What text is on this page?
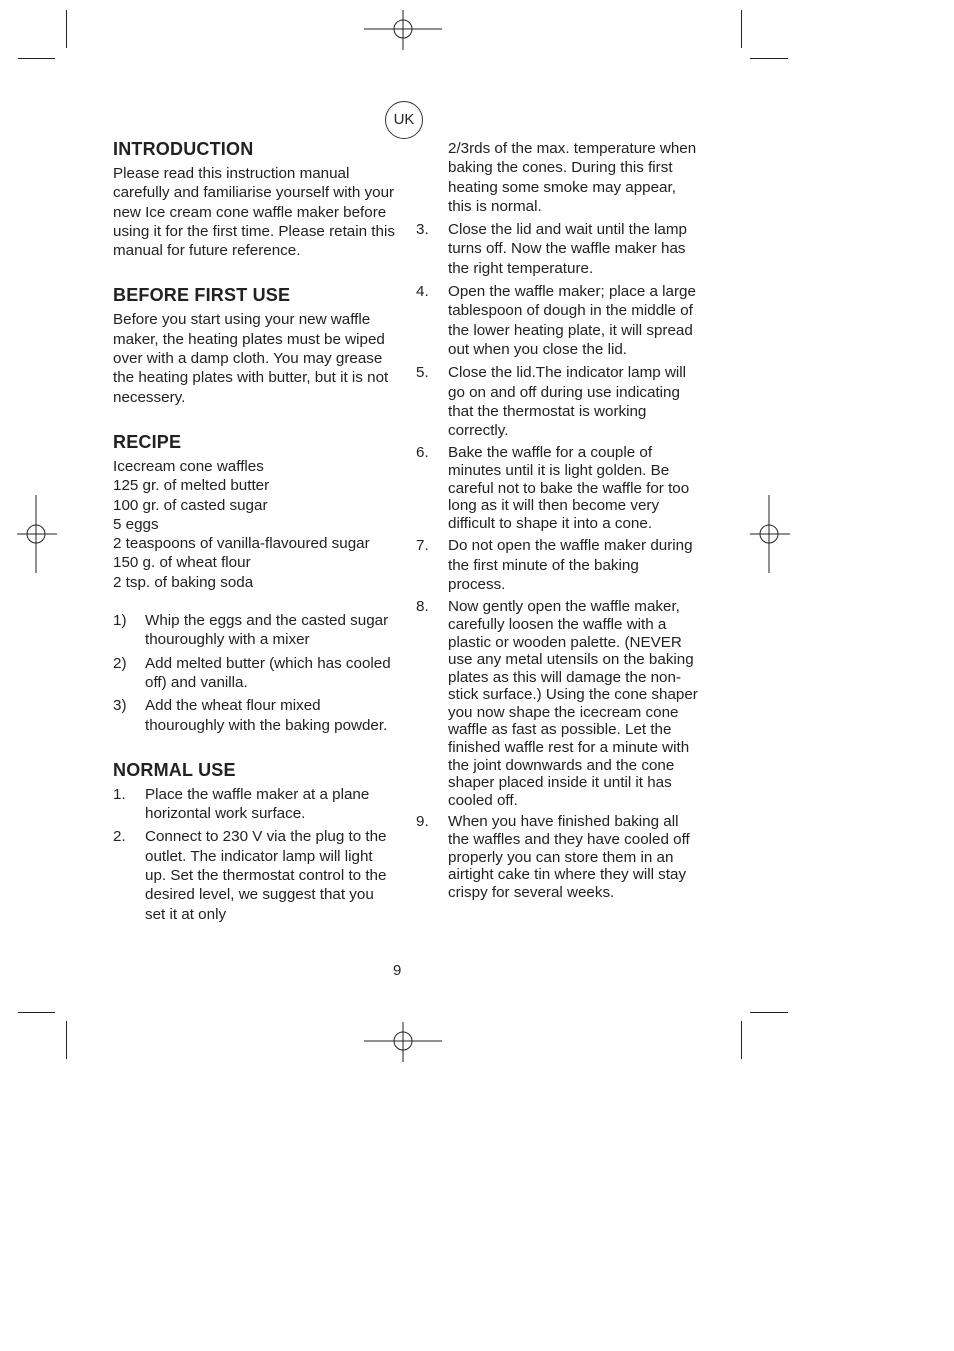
UK
INTRODUCTION

Please read this instruction manual carefully and familiarise yourself with your new Ice cream cone waffle maker before using it for the first time. Please retain this manual for future reference.

BEFORE FIRST USE

Before you start using your new waffle maker, the heating plates must be wiped over with a damp cloth. You may grease the heating plates with butter, but it is not necessery.

RECIPE
Icecream cone waffles
125 gr. of melted butter
100 gr. of casted sugar
5 eggs
2 teaspoons of vanilla-flavoured sugar
150 g. of wheat flour
2 tsp. of baking soda
1) Whip the eggs and the casted sugar thouroughly with a mixer
2) Add melted butter (which has cooled off) and vanilla.
3) Add the wheat flour mixed thouroughly with the baking powder.
NORMAL USE
1. Place the waffle maker at a plane horizontal work surface.
2. Connect to 230 V via the plug to the outlet. The indicator lamp will light up. Set the thermostat control to the desired level, we suggest that you set it at only

2/3rds of the max. temperature when baking the cones. During this first heating some smoke may appear, this is normal.

3. Close the lid and wait until the lamp turns off. Now the waffle maker has the right temperature.
4. Open the waffle maker; place a large tablespoon of dough in the middle of the lower heating plate, it will spread out when you close the lid.
5. Close the lid.The indicator lamp will go on and off during use indicating that the thermostat is working correctly.
6. Bake the waffle for a couple of minutes until it is light golden. Be careful not to bake the waffle for too long as it will then become very difficult to shape it into a cone.
7. Do not open the waffle maker during the first minute of the baking process.
8. Now gently open the waffle maker, carefully loosen the waffle with a plastic or wooden palette. (NEVER use any metal utensils on the baking plates as this will damage the non-stick surface.) Using the cone shaper you now shape the icecream cone waffle as fast as possible. Let the finished waffle rest for a minute with the joint downwards and the cone shaper placed inside it until it has cooled off.
9. When you have finished baking all the waffles and they have cooled off properly you can store them in an airtight cake tin where they will stay crispy for several weeks.
9
